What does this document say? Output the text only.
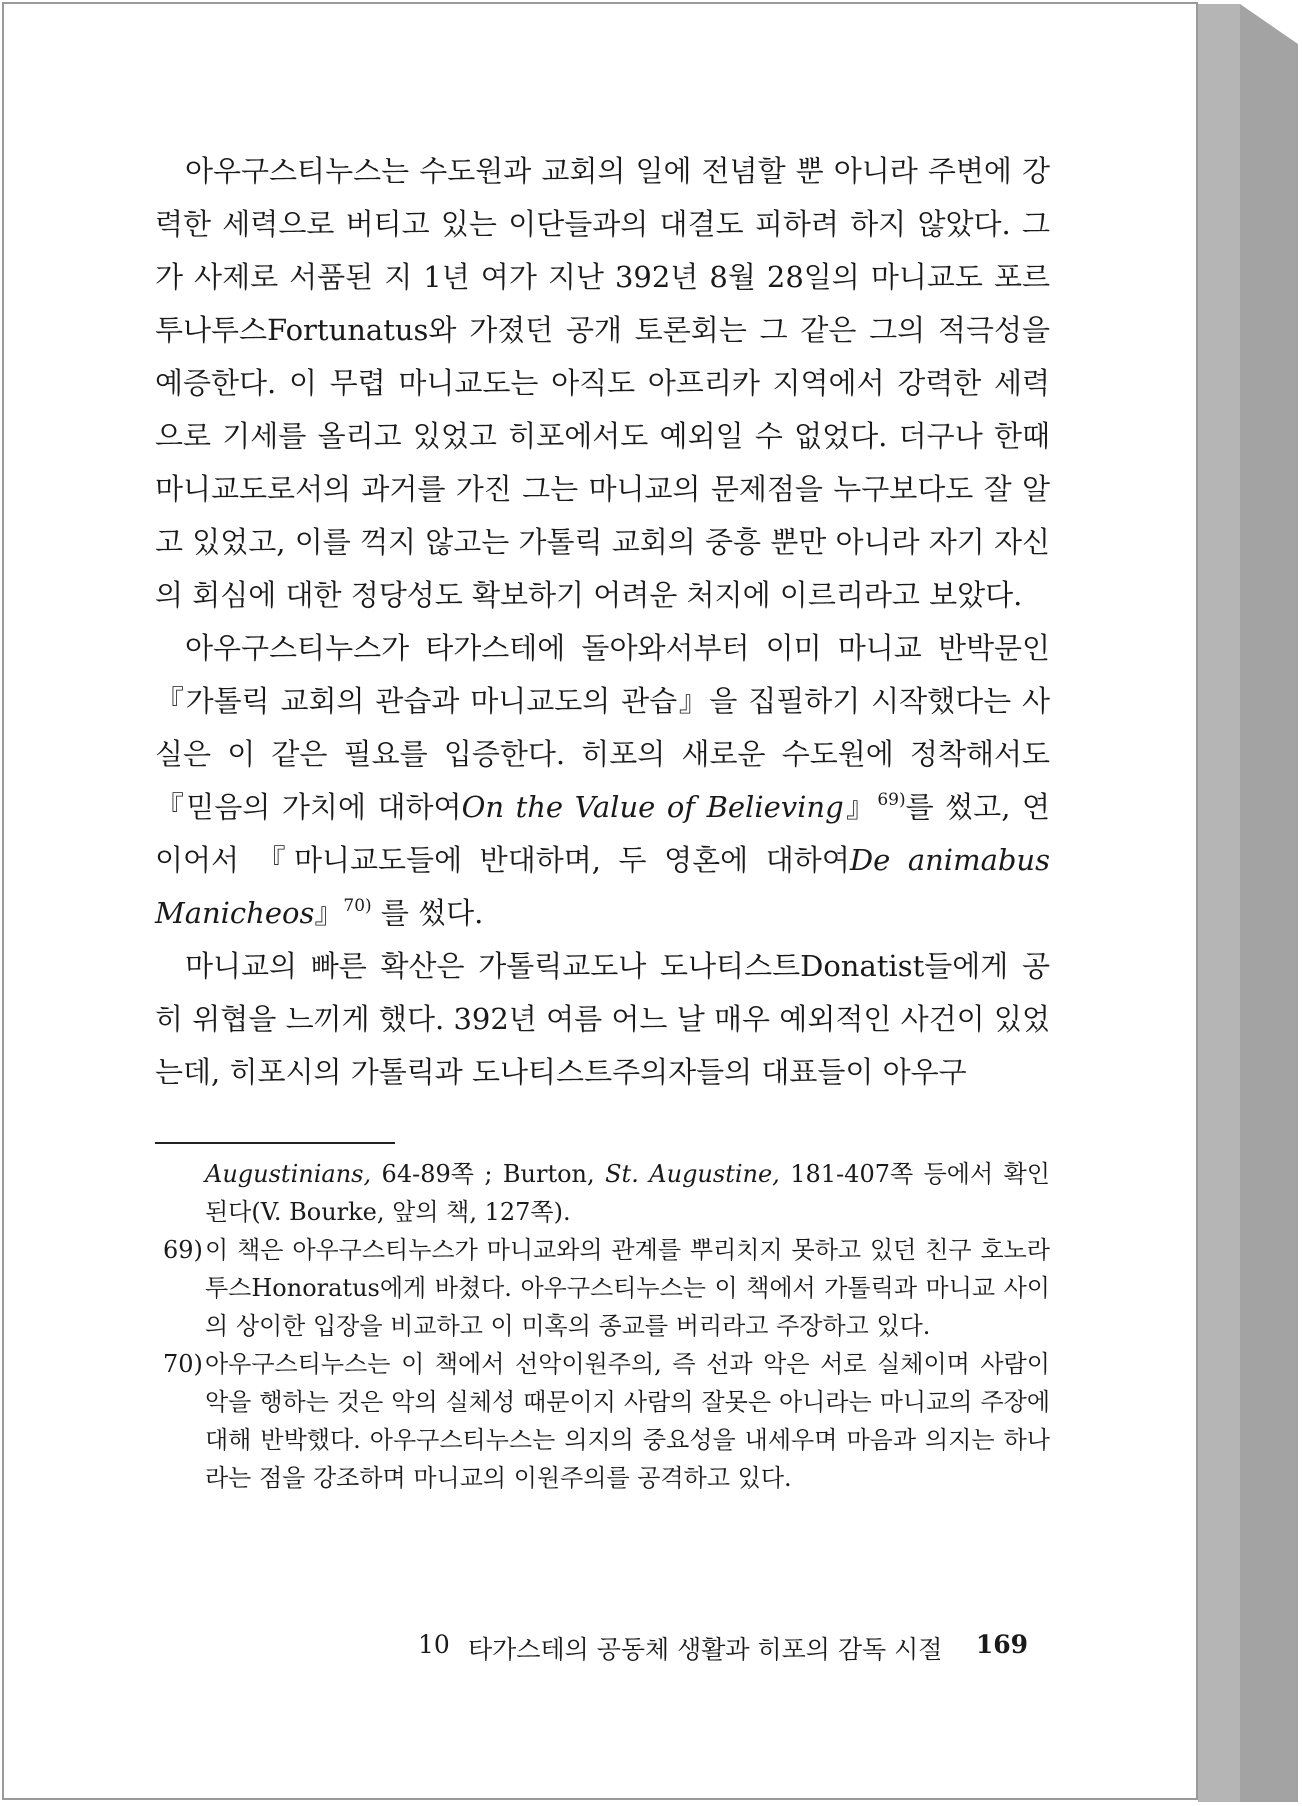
아우구스티누스는 수도원과 교회의 일에 전념할 뿐 아니라 주변에 강력한 세력으로 버티고 있는 이단들과의 대결도 피하려 하지 않았다. 그가 사제로 서품된 지 1년 여가 지난 392년 8월 28일의 마니교도 포르투나투스Fortunatus와 가졌던 공개 토론회는 그 같은 그의 적극성을 예증한다. 이 무렵 마니교도는 아직도 아프리카 지역에서 강력한 세력으로 기세를 올리고 있었고 히포에서도 예외일 수 없었다. 더구나 한때 마니교도로서의 과거를 가진 그는 마니교의 문제점을 누구보다도 잘 알고 있었고, 이를 꺽지 않고는 가톨릭 교회의 중흥 뿐만 아니라 자기 자신의 회심에 대한 정당성도 확보하기 어려운 처지에 이르리라고 보았다.

아우구스티누스가 타가스테에 돌아와서부터 이미 마니교 반박문인 『가톨릭 교회의 관습과 마니교도의 관습』을 집필하기 시작했다는 사실은 이 같은 필요를 입증한다. 히포의 새로운 수도원에 정착해서도 『믿음의 가치에 대하여On the Value of Believing』$^{69)}$를 썼고, 연이어서 『마니교도들에 반대하며, 두 영혼에 대하여De animabus Manicheos』$^{70)}$ 를 썼다.

마니교의 빠른 확산은 가톨릭교도나 도나티스트Donatist들에게 공히 위협을 느끼게 했다. 392년 여름 어느 날 매우 예외적인 사건이 있었는데, 히포시의 가톨릭과 도나티스트주의자들의 대표들이 아우구

Augustinians, 64-89쪽 ; Burton, St. Augustine, 181-407쪽 등에서 확인된다(V. Bourke, 앞의 책, 127쪽).

69) 이 책은 아우구스티누스가 마니교와의 관계를 뿌리치지 못하고 있던 친구 호노라투스Honoratus에게 바쳤다. 아우구스티누스는 이 책에서 가톨릭과 마니교 사이의 상이한 입장을 비교하고 이 미혹의 종교를 버리라고 주장하고 있다.

70) 아우구스티누스는 이 책에서 선악이원주의, 즉 선과 악은 서로 실체이며 사람이 악을 행하는 것은 악의 실체성 때문이지 사람의 잘못은 아니라는 마니교의 주장에 대해 반박했다. 아우구스티누스는 의지의 중요성을 내세우며 마음과 의지는 하나라는 점을 강조하며 마니교의 이원주의를 공격하고 있다.

10 타가스테의 공동체 생활과 히포의 감독 시절 169
